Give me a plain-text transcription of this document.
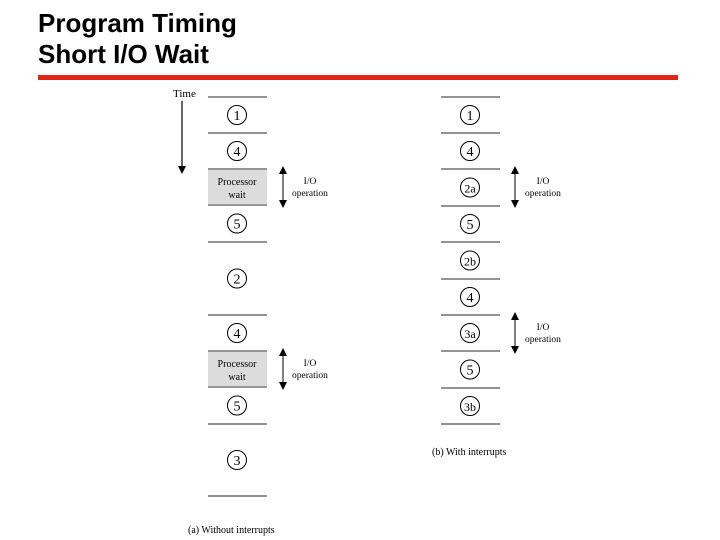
Program Timing
Short I/O Wait
Time
1
4
Processor
wait
5
2
4
Processor
wait
5
3
1
4
2a
5
2b
4
3a
5
3b
I/O
operation
I/O
operation
I/O
operation
I/O
operation
(a) Without interrupts
(b) With interrupts
